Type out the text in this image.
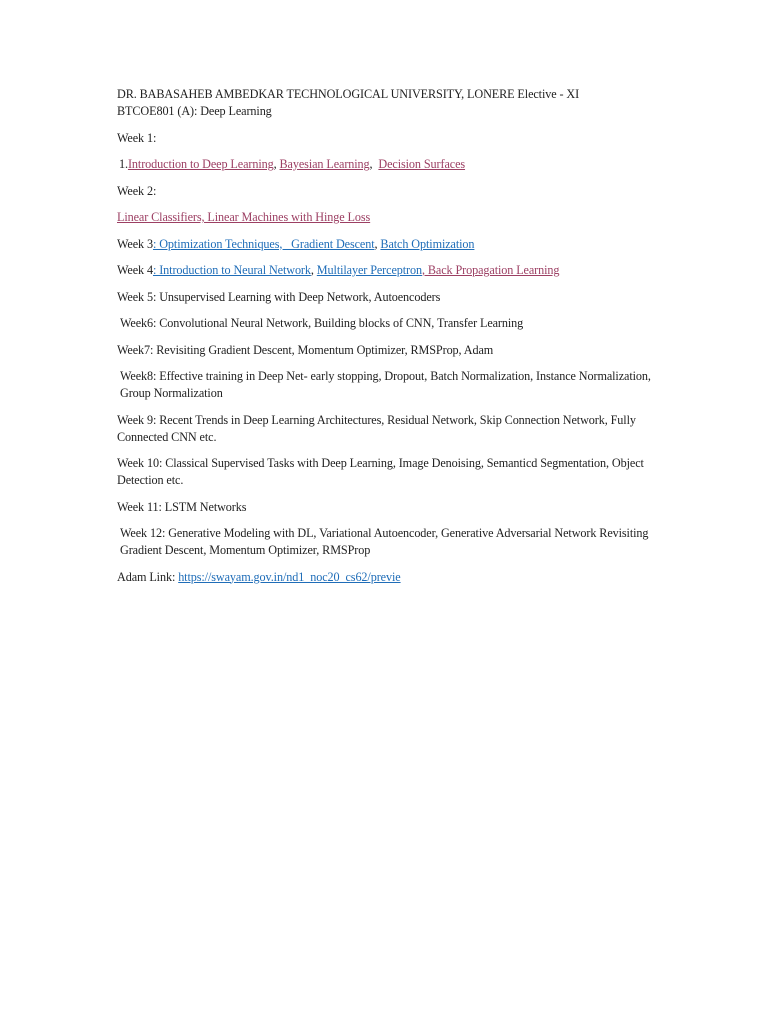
DR. BABASAHEB AMBEDKAR TECHNOLOGICAL UNIVERSITY, LONERE Elective - XI
BTCOE801 (A): Deep Learning

Week 1:

1.Introduction to Deep Learning, Bayesian Learning,  Decision Surfaces

Week 2:

Linear Classifiers, Linear Machines with Hinge Loss

Week 3: Optimization Techniques,   Gradient Descent, Batch Optimization

Week 4: Introduction to Neural Network, Multilayer Perceptron, Back Propagation Learning

Week 5: Unsupervised Learning with Deep Network, Autoencoders

Week6: Convolutional Neural Network, Building blocks of CNN, Transfer Learning

Week7: Revisiting Gradient Descent, Momentum Optimizer, RMSProp, Adam

Week8: Effective training in Deep Net- early stopping, Dropout, Batch Normalization, Instance Normalization, Group Normalization

Week 9: Recent Trends in Deep Learning Architectures, Residual Network, Skip Connection Network, Fully Connected CNN etc.

Week 10: Classical Supervised Tasks with Deep Learning, Image Denoising, Semanticd Segmentation, Object Detection etc.

Week 11: LSTM Networks

Week 12: Generative Modeling with DL, Variational Autoencoder, Generative Adversarial Network Revisiting Gradient Descent, Momentum Optimizer, RMSProp

Adam Link: https://swayam.gov.in/nd1_noc20_cs62/previe
